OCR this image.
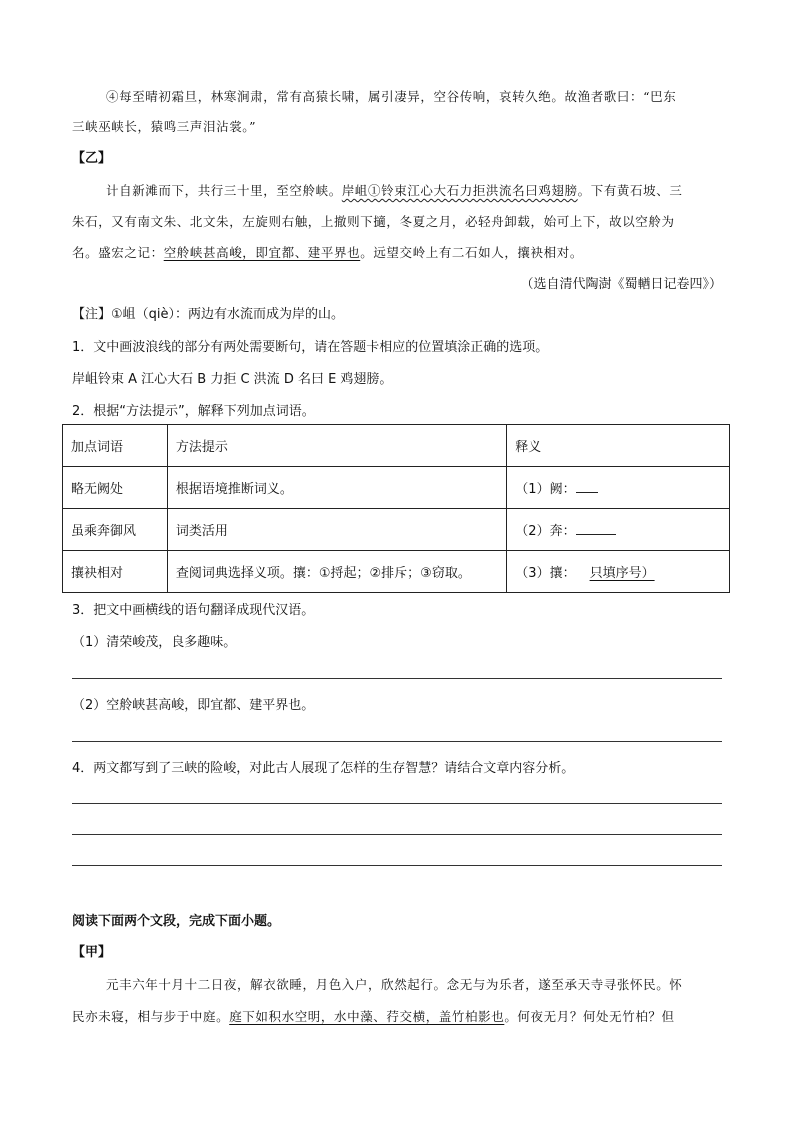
④每至晴初霜旦，林寒涧肃，常有高猿长啸，属引凄异，空谷传响，哀转久绝。故渔者歌曰：“巴东
三峡巫峡长，猿鸣三声泪沾裳。”
【乙】
计自新滩而下，共行三十里，至空舲峡。岸岨①铃束江心大石力拒洪流名曰鸡翅膀。下有黄石坡、三
朱石，又有南文朱、北文朱，左旋则右触，上撤则下擿，冬夏之月，必轻舟卸载，始可上下，故以空舲为
名。盛宏之记：空舲峡甚高峻，即宜都、建平界也。远望交岭上有二石如人，攘袂相对。
（选自清代陶澍《蜀輶日记卷四》）
【注】①岨（qiè）：两边有水流而成为岸的山。
1．文中画波浪线的部分有两处需要断句，请在答题卡相应的位置填涂正确的选项。
岸岨铃束 A 江心大石 B 力拒 C 洪流 D 名曰 E 鸡翅膀。
2．根据“方法提示”，解释下列加点词语。
加点词语	方法提示	释义
略无阙处	根据语境推断词义。	（1）阙：
虽乘奔御风	词类活用	（2）奔：
攘袂相对	查阅词典选择义项。攘：①捋起；②排斥；③窃取。	（3）攘： 只填序号）
3．把文中画横线的语句翻译成现代汉语。
（1）清荣峻茂，良多趣味。
（2）空舲峡甚高峻，即宜都、建平界也。
4．两文都写到了三峡的险峻，对此古人展现了怎样的生存智慧？请结合文章内容分析。
阅读下面两个文段，完成下面小题。
【甲】
元丰六年十月十二日夜，解衣欲睡，月色入户，欣然起行。念无与为乐者，遂至承天寺寻张怀民。怀
民亦未寝，相与步于中庭。庭下如积水空明，水中藻、荇交横，盖竹柏影也。何夜无月？何处无竹柏？但
